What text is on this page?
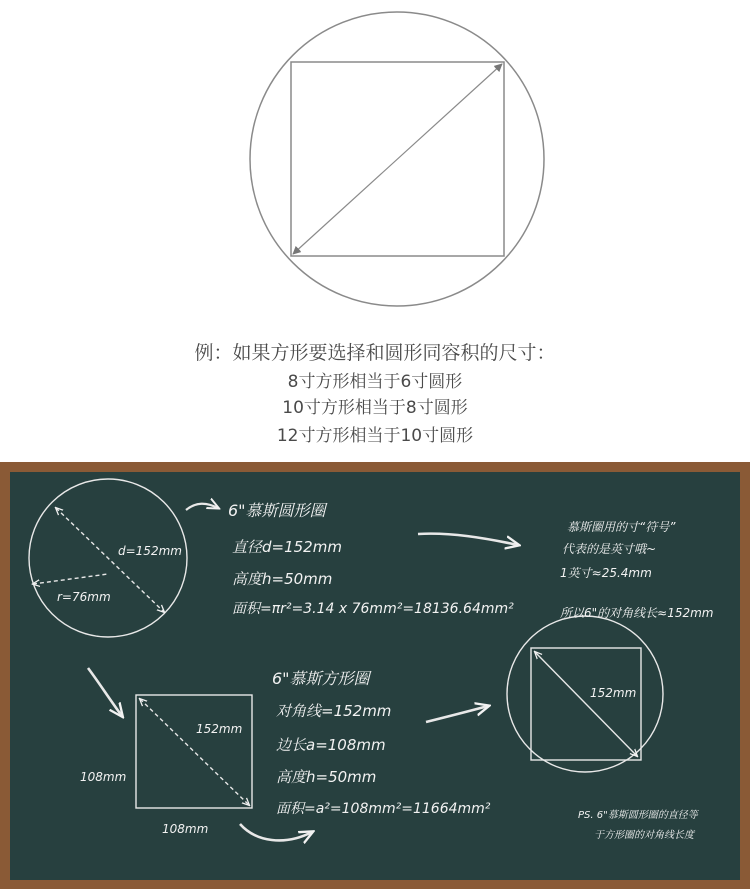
例：如果方形要选择和圆形同容积的尺寸：
8寸方形相当于6寸圆形
10寸方形相当于8寸圆形
12寸方形相当于10寸圆形
d=152mm
r=76mm
6"慕斯圆形圈
直径d=152mm
高度h=50mm
面积=πr²=3.14 x 76mm²=18136.64mm²
慕斯圈用的寸“符号”
代表的是英寸哦~
1英寸≈25.4mm
所以6"的对角线长≈152mm
152mm
108mm
108mm
6"慕斯方形圈
对角线=152mm
边长a=108mm
高度h=50mm
面积=a²=108mm²=11664mm²
152mm
PS. 6"慕斯圆形圈的直径等
于方形圈的对角线长度
